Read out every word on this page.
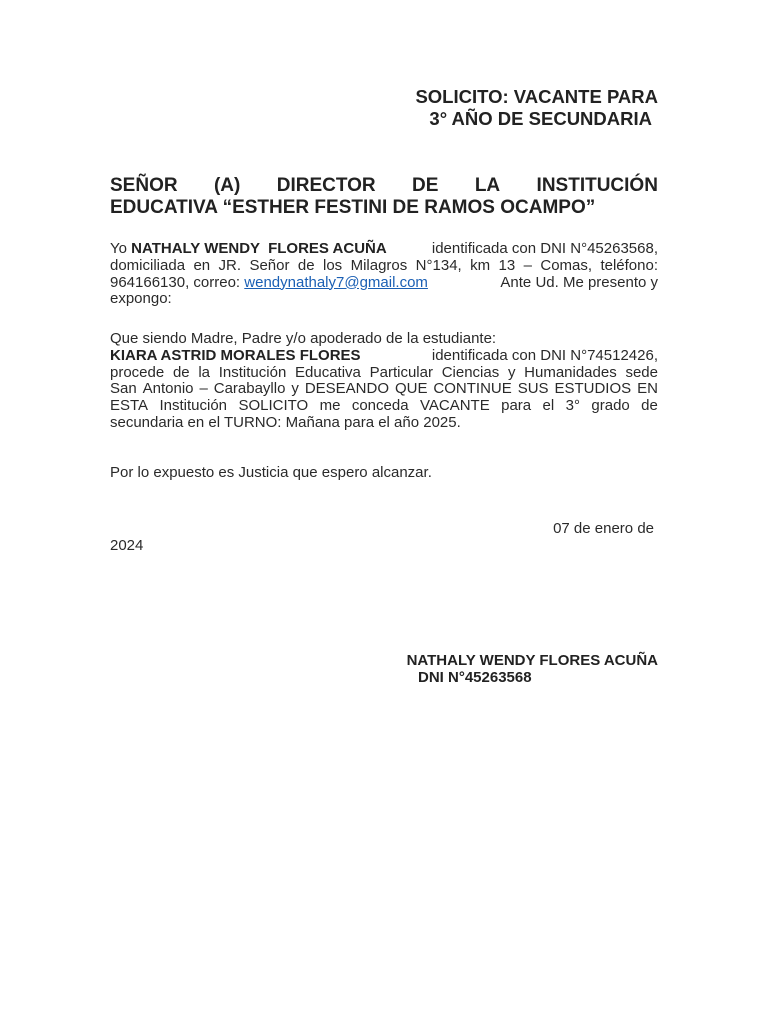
SOLICITO: VACANTE PARA
3° AÑO DE SECUNDARIA
SEÑOR (A) DIRECTOR DE LA INSTITUCIÓN
EDUCATIVA “ESTHER FESTINI DE RAMOS OCAMPO”
Yo NATHALY WENDY  FLORES ACUÑA	identificada con DNI N°45263568,
domiciliada en JR. Señor de los Milagros N°134, km 13 – Comas, teléfono:
964166130, correo: wendynathaly7@gmail.com	Ante Ud. Me presento y
expongo:
Que siendo Madre, Padre y/o apoderado de la estudiante:
KIARA ASTRID MORALES FLORES	identificada con DNI N°74512426,
procede de la Institución Educativa Particular Ciencias y Humanidades sede
San Antonio – Carabayllo y DESEANDO QUE CONTINUE SUS ESTUDIOS EN
ESTA Institución SOLICITO me conceda VACANTE para el 3° grado de
secundaria en el TURNO: Mañana para el año 2025.
Por lo expuesto es Justicia que espero alcanzar.
07 de enero de
2024
NATHALY WENDY FLORES ACUÑA
DNI N°45263568
